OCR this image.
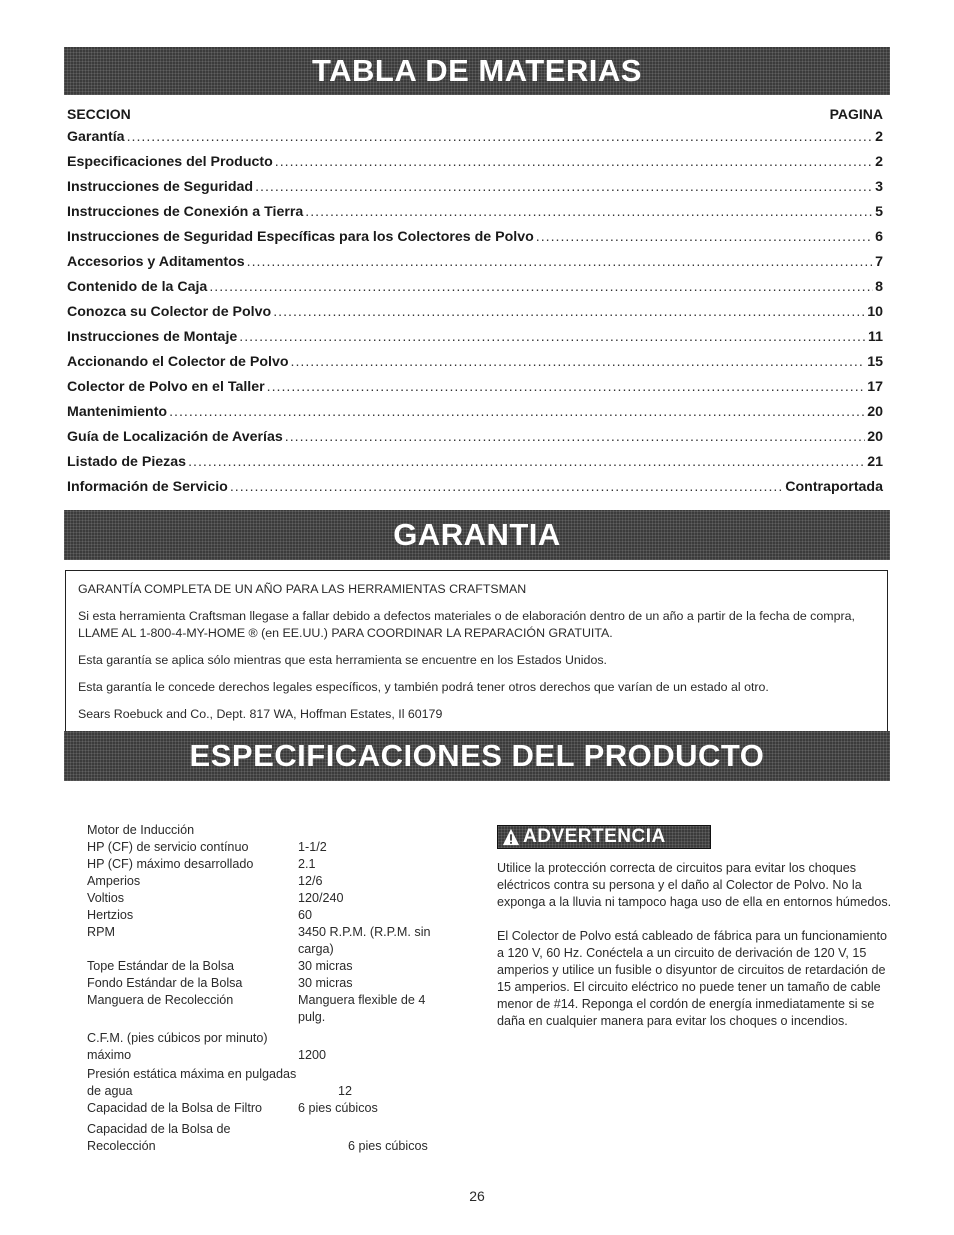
TABLA DE MATERIAS
SECCION	PAGINA
Garantía .....	2
Especificaciones del Producto .....	2
Instrucciones de Seguridad .....	3
Instrucciones de Conexión a Tierra .....	5
Instrucciones de Seguridad Específicas para los Colectores de Polvo .....	6
Accesorios y Aditamentos .....	7
Contenido de la Caja .....	8
Conozca su Colector de Polvo .....	10
Instrucciones de Montaje .....	11
Accionando el Colector de Polvo .....	15
Colector de Polvo en el Taller .....	17
Mantenimiento .....	20
Guía de Localización de Averías .....	20
Listado de Piezas .....	21
Información de Servicio .....	Contraportada
GARANTIA

GARANTÍA COMPLETA DE UN AÑO PARA LAS HERRAMIENTAS CRAFTSMAN

Si esta herramienta Craftsman llegase a fallar debido a defectos materiales o de elaboración dentro de un año a partir de la fecha de compra, LLAME AL 1-800-4-MY-HOME ® (en EE.UU.) PARA COORDINAR LA REPARACIÓN GRATUITA.

Esta garantía se aplica sólo mientras que esta herramienta se encuentre en los Estados Unidos.

Esta garantía le concede derechos legales específicos, y también podrá tener otros derechos que varían de un estado al otro.

Sears Roebuck and Co., Dept. 817 WA, Hoffman Estates, Il 60179

ESPECIFICACIONES DEL PRODUCTO
Motor de Inducción
HP (CF) de servicio contínuo	1-1/2
HP (CF) máximo desarrollado	2.1
Amperios	12/6
Voltios	120/240
Hertzios	60
RPM	3450 R.P.M. (R.P.M. sin carga)
Tope Estándar de la Bolsa	30 micras
Fondo Estándar de la Bolsa	30 micras
Manguera de Recolección	Manguera flexible de 4 pulg.
C.F.M. (pies cúbicos por minuto) máximo	1200
Presión estática máxima en pulgadas de agua	12
Capacidad de la Bolsa de Filtro	6 pies cúbicos
Capacidad de la Bolsa de Recolección	6 pies cúbicos
ADVERTENCIA

Utilice la protección correcta de circuitos para evitar los choques eléctricos contra su persona y el daño al Colector de Polvo. No la exponga a la lluvia ni tampoco haga uso de ella en entornos húmedos.

El Colector de Polvo está cableado de fábrica para un funcionamiento a 120 V, 60 Hz. Conéctela a un circuito de derivación de 120 V, 15 amperios y utilice un fusible o disyuntor de circuitos de retardación de 15 amperios. El circuito eléctrico no puede tener un tamaño de cable menor de #14. Reponga el cordón de energía inmediatamente si se daña en cualquier manera para evitar los choques o incendios.

26
